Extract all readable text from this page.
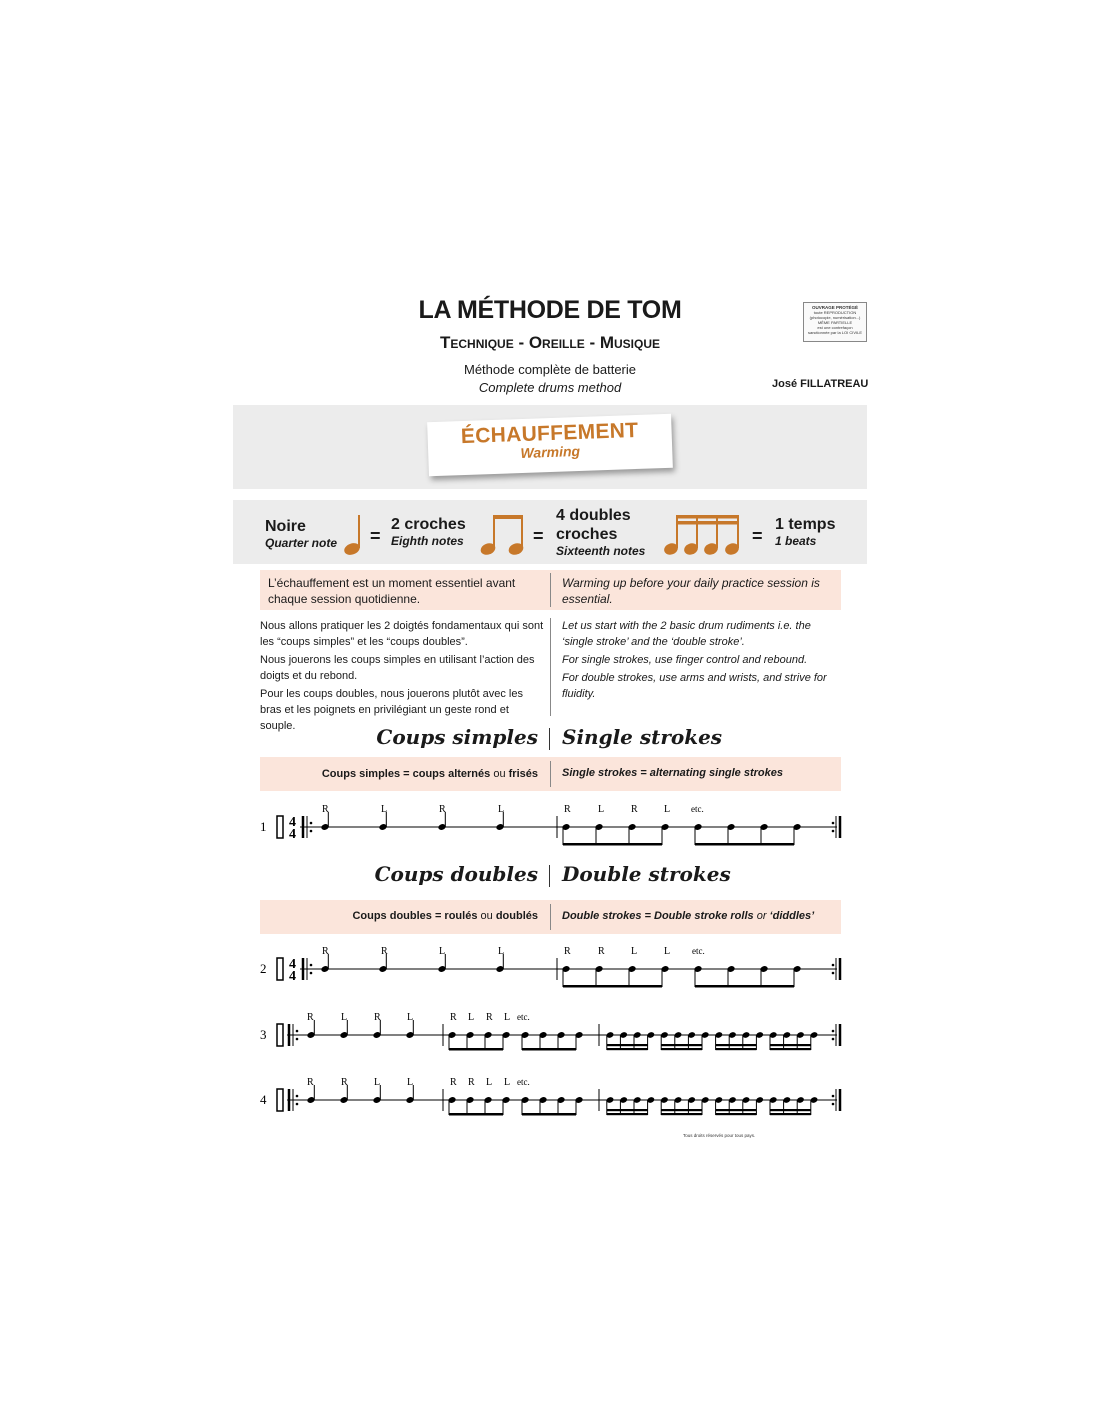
LA MÉTHODE DE TOM
Technique - Oreille - Musique
Méthode complète de batterie
Complete drums method	José FILLATREAU
OUVRAGE PROTÉGÉ
toute REPRODUCTION
(photocopie, numérisation...)
MÊME PARTIELLE
est une contrefaçon
sanctionnée par la LOI CIVILE
ÉCHAUFFEMENT
Warming
Noire
Quarter note =
2 croches
Eighth notes	=
4 doubles croches
Sixteenth notes
=
1 temps
1 beats
L’échauffement est un moment essentiel avant chaque session quotidienne.
Warming up before your daily practice session is essential.
Nous allons pratiquer les 2 doigtés fondamentaux qui sont les “coups simples” et les “coups doubles”.
Nous jouerons les coups simples en utilisant l’action des doigts et du rebond.
Pour les coups doubles, nous jouerons plutôt avec les bras et les poignets en privilégiant un geste rond et souple.
Let us start with the 2 basic drum rudiments i.e. the ‘single stroke’ and the ‘double stroke’.
For single strokes, use finger control and rebound.
For double strokes, use arms and wrists, and strive for fluidity.
Coups simples Single strokes
Coups simples = coups alternés ou frisés Single strokes = alternating single strokes
1 4
4
R	L	R	L	R	L	R	L etc.
Coups doubles Double strokes
Coups doubles = roulés ou doublés Double strokes = Double stroke rolls or ‘diddles’
2 4
4
R	R	L	L	R	R	L	L etc.
3
R	L	R	L	R L R L etc.
4
R	R	L	L	R R L L etc.
Tous droits réservés pour tous pays.
